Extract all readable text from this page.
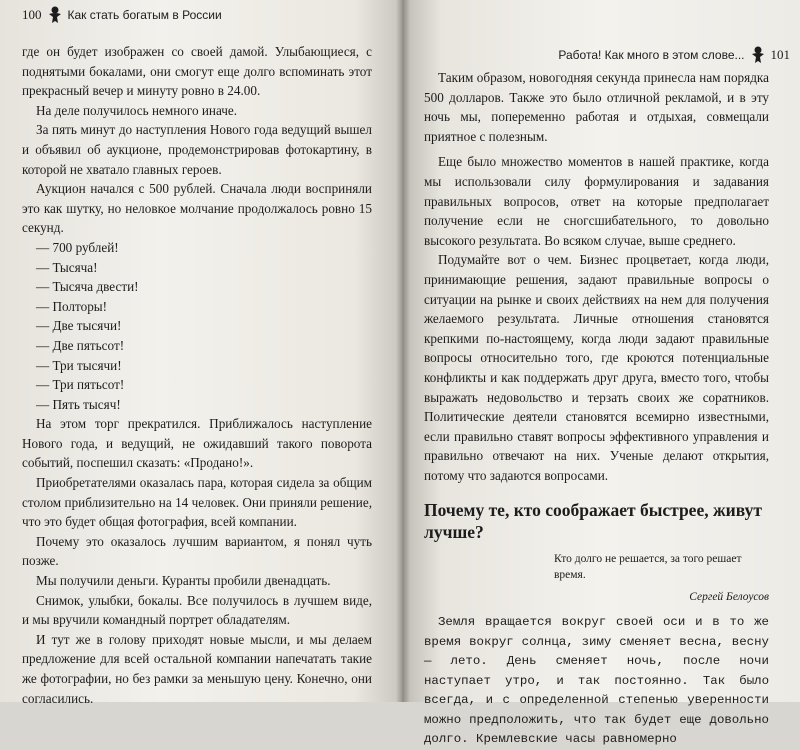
100 Как стать богатым в России

где он будет изображен со своей дамой. Улыбающиеся, с поднятыми бокалами, они смогут еще долго вспоминать этот прекрасный вечер и минуту ровно в 24.00.

На деле получилось немного иначе.

За пять минут до наступления Нового года ведущий вышел и объявил об аукционе, продемонстрировав фотокартину, в которой не хватало главных героев.

Аукцион начался с 500 рублей. Сначала люди восприняли это как шутку, но неловкое молчание продолжалось ровно 15 секунд.

— 700 рублей!

— Тысяча!

— Тысяча двести!

— Полторы!

— Две тысячи!

— Две пятьсот!

— Три тысячи!

— Три пятьсот!

— Пять тысяч!

На этом торг прекратился. Приближалось наступление Нового года, и ведущий, не ожидавший такого поворота событий, поспешил сказать: «Продано!».

Приобретателями оказалась пара, которая сидела за общим столом приблизительно на 14 человек. Они приняли решение, что это будет общая фотография, всей компании.

Почему это оказалось лучшим вариантом, я понял чуть позже.

Мы получили деньги. Куранты пробили двенадцать.

Снимок, улыбки, бокалы. Все получилось в лучшем виде, и мы вручили командный портрет обладателям.

И тут же в голову приходят новые мысли, и мы делаем предложение для всей остальной компании напечатать такие же фотографии, но без рамки за меньшую цену. Конечно, они согласились.

Работа! Как много в этом слове... 101

Таким образом, новогодняя секунда принесла нам порядка 500 долларов. Также это было отличной рекламой, и в эту ночь мы, попеременно работая и отдыхая, совмещали приятное с полезным.

Еще было множество моментов в нашей практике, когда мы использовали силу формулирования и задавания правильных вопросов, ответ на которые предполагает получение если не сногсшибательного, то довольно высокого результата. Во всяком случае, выше среднего.

Подумайте вот о чем. Бизнес процветает, когда люди, принимающие решения, задают правильные вопросы о ситуации на рынке и своих действиях на нем для получения желаемого результата. Личные отношения становятся крепкими по-настоящему, когда люди задают правильные вопросы относительно того, где кроются потенциальные конфликты и как поддержать друг друга, вместо того, чтобы выражать недовольство и терзать своих же соратников. Политические деятели становятся всемирно известными, если правильно ставят вопросы эффективного управления и правильно отвечают на них. Ученые делают открытия, потому что задаются вопросами.

Почему те, кто соображает быстрее, живут лучше?
Кто долго не решается, за того решает время.
Сергей Белоусов

Земля вращается вокруг своей оси и в то же время вокруг солнца, зиму сменяет весна, весну — лето. День сменяет ночь, после ночи наступает утро, и так постоянно. Так было всегда, и с определенной степенью уверенности можно предположить, что так будет еще довольно долго. Кремлевские часы равномерно
